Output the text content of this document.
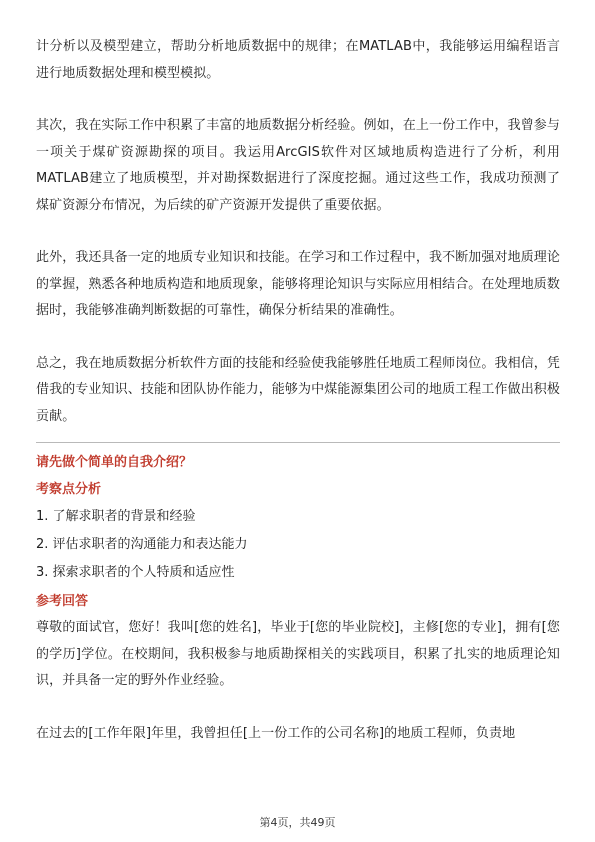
计分析以及模型建立，帮助分析地质数据中的规律；在MATLAB中，我能够运用编程语言进行地质数据处理和模型模拟。

其次，我在实际工作中积累了丰富的地质数据分析经验。例如，在上一份工作中，我曾参与一项关于煤矿资源勘探的项目。我运用ArcGIS软件对区域地质构造进行了分析，利用MATLAB建立了地质模型，并对勘探数据进行了深度挖掘。通过这些工作，我成功预测了煤矿资源分布情况，为后续的矿产资源开发提供了重要依据。

此外，我还具备一定的地质专业知识和技能。在学习和工作过程中，我不断加强对地质理论的掌握，熟悉各种地质构造和地质现象，能够将理论知识与实际应用相结合。在处理地质数据时，我能够准确判断数据的可靠性，确保分析结果的准确性。

总之，我在地质数据分析软件方面的技能和经验使我能够胜任地质工程师岗位。我相信，凭借我的专业知识、技能和团队协作能力，能够为中煤能源集团公司的地质工程工作做出积极贡献。

请先做个简单的自我介绍？

考察点分析

1. 了解求职者的背景和经验

2. 评估求职者的沟通能力和表达能力

3. 探索求职者的个人特质和适应性

参考回答

尊敬的面试官，您好！我叫[您的姓名]，毕业于[您的毕业院校]，主修[您的专业]，拥有[您的学历]学位。在校期间，我积极参与地质勘探相关的实践项目，积累了扎实的地质理论知识，并具备一定的野外作业经验。

在过去的[工作年限]年里，我曾担任[上一份工作的公司名称]的地质工程师，负责地

第4页，共49页
